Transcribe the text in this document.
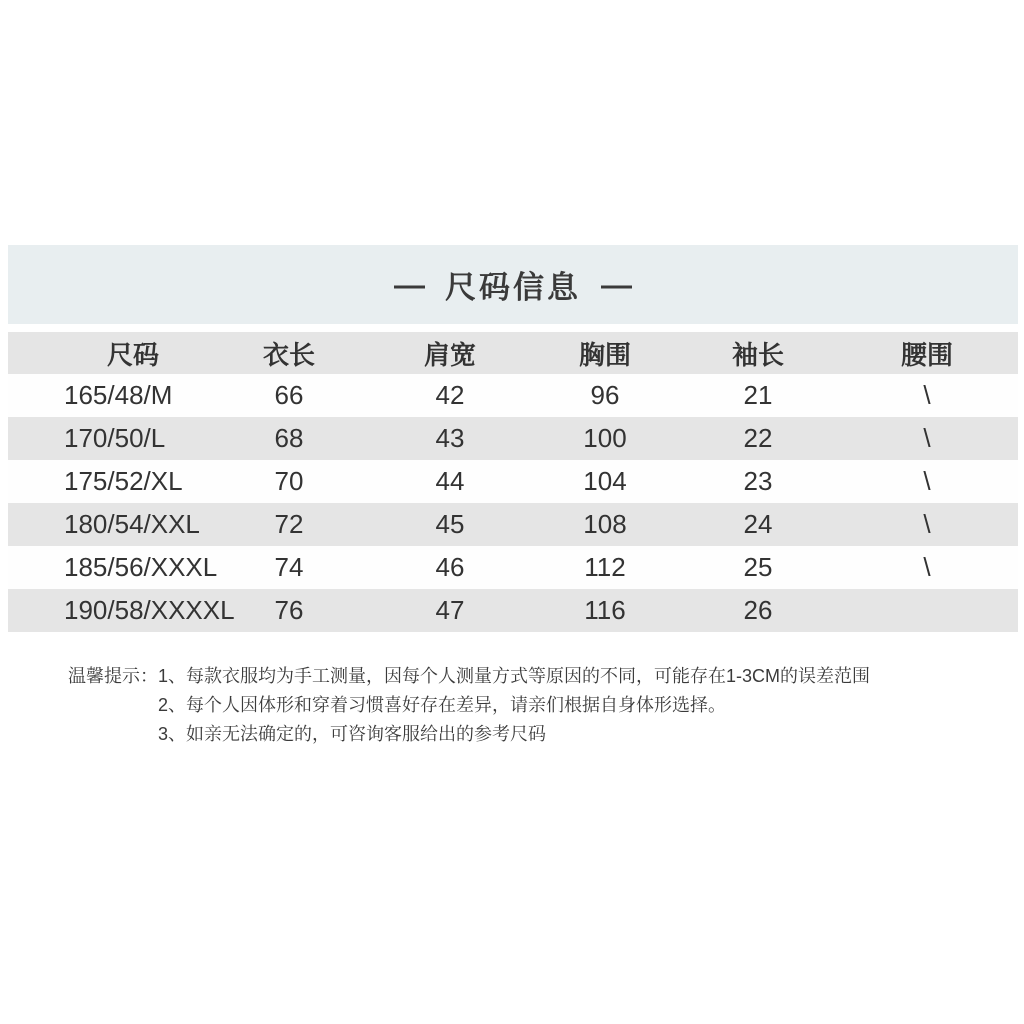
— 尺码信息 —
尺码	衣长	肩宽	胸围	袖长	腰围
165/48/M	66	42	96	21	\
170/50/L	68	43	100	22	\
175/52/XL	70	44	104	23	\
180/54/XXL	72	45	108	24	\
185/56/XXXL	74	46	112	25	\
190/58/XXXXL	76	47	116	26	
温馨提示： 1、每款衣服均为手工测量，因每个人测量方式等原因的不同，可能存在1-3CM的误差范围
2、每个人因体形和穿着习惯喜好存在差异，请亲们根据自身体形选择。
3、如亲无法确定的，可咨询客服给出的参考尺码
